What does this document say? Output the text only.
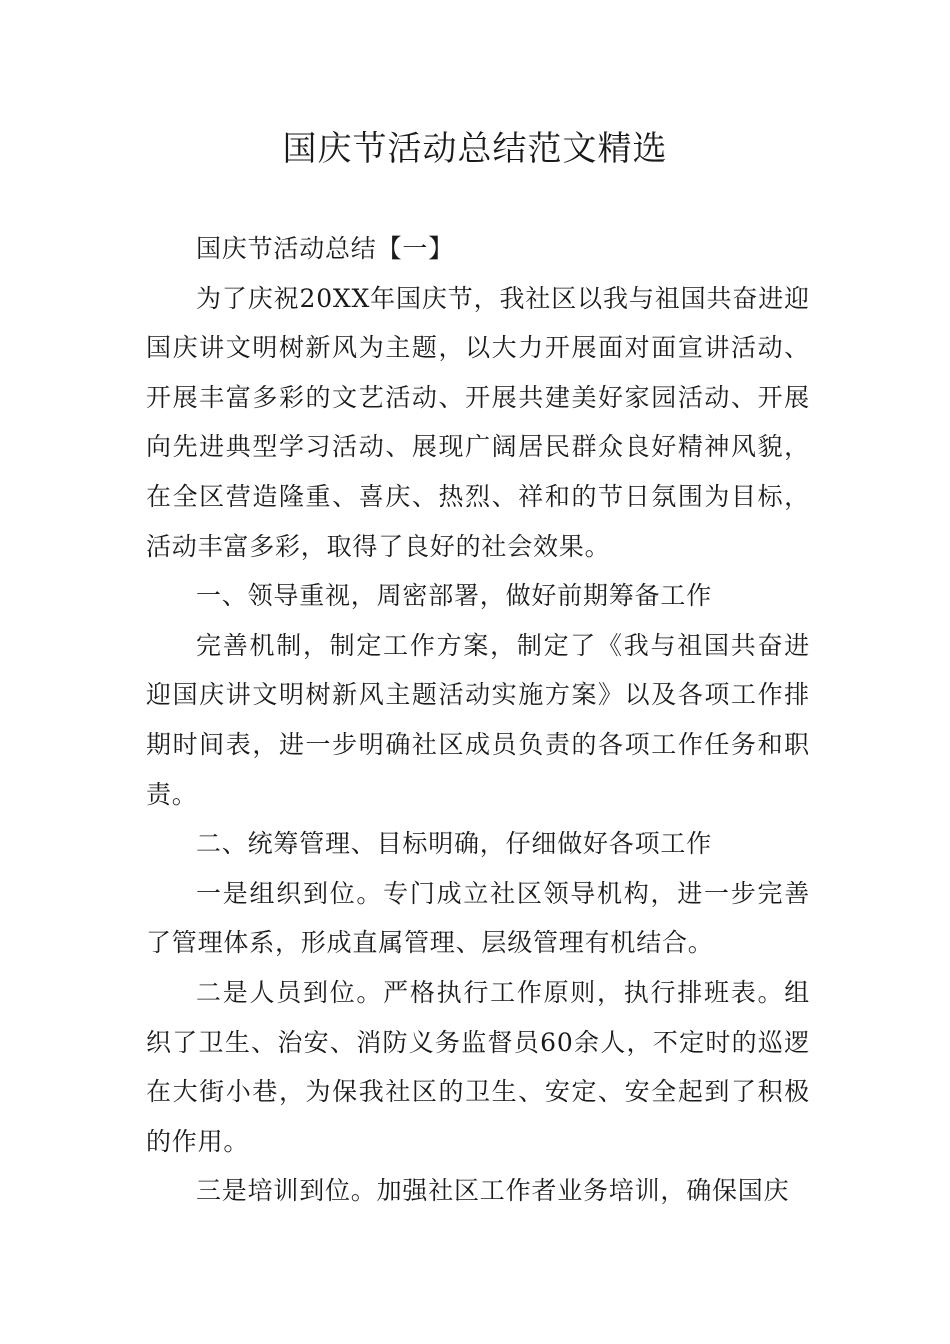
国庆节活动总结范文精选

国庆节活动总结【一】

为了庆祝20XX年国庆节，我社区以我与祖国共奋进迎国庆讲文明树新风为主题，以大力开展面对面宣讲活动、开展丰富多彩的文艺活动、开展共建美好家园活动、开展向先进典型学习活动、展现广阔居民群众良好精神风貌，在全区营造隆重、喜庆、热烈、祥和的节日氛围为目标，活动丰富多彩，取得了良好的社会效果。

一、领导重视，周密部署，做好前期筹备工作

完善机制，制定工作方案，制定了《我与祖国共奋进迎国庆讲文明树新风主题活动实施方案》以及各项工作排期时间表，进一步明确社区成员负责的各项工作任务和职责。

二、统筹管理、目标明确，仔细做好各项工作

一是组织到位。专门成立社区领导机构，进一步完善了管理体系，形成直属管理、层级管理有机结合。

二是人员到位。严格执行工作原则，执行排班表。组织了卫生、治安、消防义务监督员60余人，不定时的巡逻在大街小巷，为保我社区的卫生、安定、安全起到了积极的作用。

三是培训到位。加强社区工作者业务培训，确保国庆
